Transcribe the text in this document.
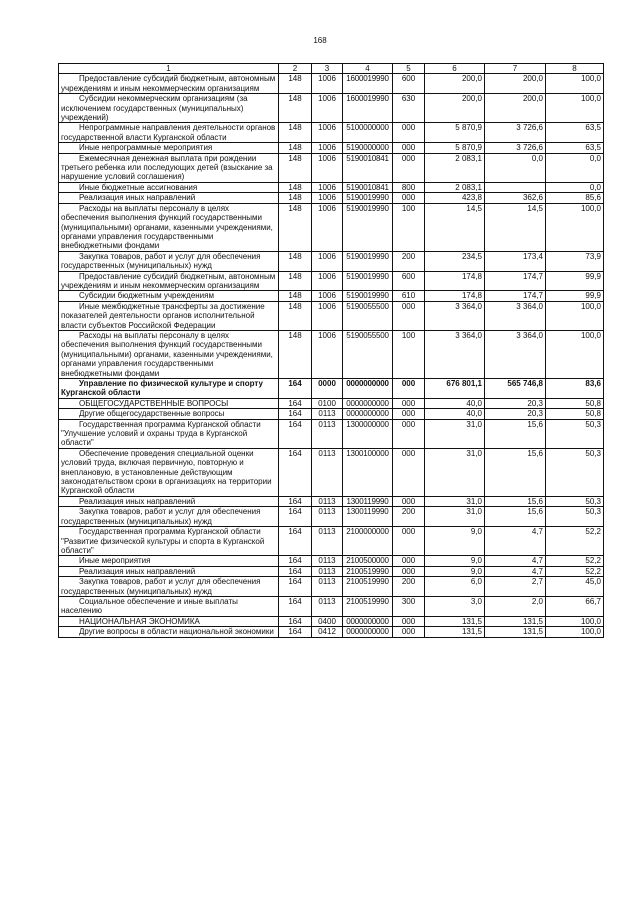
168
1	2	3	4	5	6	7	8
Предоставление субсидий бюджетным, автономным учреждениям и иным некоммерческим организациям	148	1006	1600019990	600	200,0	200,0	100,0
Субсидии некоммерческим организациям (за исключением государственных (муниципальных) учреждений)	148	1006	1600019990	630	200,0	200,0	100,0
Непрограммные направления деятельности органов государственной власти Курганской области	148	1006	5100000000	000	5 870,9	3 726,6	63,5
Иные непрограммные мероприятия	148	1006	5190000000	000	5 870,9	3 726,6	63,5
Ежемесячная денежная выплата при рождении третьего ребенка или последующих детей (взыскание за нарушение условий соглашения)	148	1006	5190010841	000	2 083,1	0,0	0,0
Иные бюджетные ассигнования	148	1006	5190010841	800	2 083,1		0,0
Реализация иных направлений	148	1006	5190019990	000	423,8	362,6	85,6
Расходы на выплаты персоналу в целях обеспечения выполнения функций государственными (муниципальными) органами, казенными учреждениями, органами управления государственными внебюджетными фондами	148	1006	5190019990	100	14,5	14,5	100,0
Закупка товаров, работ и услуг для обеспечения государственных (муниципальных) нужд	148	1006	5190019990	200	234,5	173,4	73,9
Предоставление субсидий бюджетным, автономным учреждениям и иным некоммерческим организациям	148	1006	5190019990	600	174,8	174,7	99,9
Субсидии бюджетным учреждениям	148	1006	5190019990	610	174,8	174,7	99,9
Иные межбюджетные трансферты за достижение показателей деятельности органов исполнительной власти субъектов Российской Федерации	148	1006	5190055500	000	3 364,0	3 364,0	100,0
Расходы на выплаты персоналу в целях обеспечения выполнения функций государственными (муниципальными) органами, казенными учреждениями, органами управления государственными внебюджетными фондами	148	1006	5190055500	100	3 364,0	3 364,0	100,0
Управление по физической культуре и спорту Курганской области	164	0000	0000000000	000	676 801,1	565 746,8	83,6
ОБЩЕГОСУДАРСТВЕННЫЕ ВОПРОСЫ	164	0100	0000000000	000	40,0	20,3	50,8
Другие общегосударственные вопросы	164	0113	0000000000	000	40,0	20,3	50,8
Государственная программа Курганской области "Улучшение условий и охраны труда в Курганской области"	164	0113	1300000000	000	31,0	15,6	50,3
Обеспечение проведения специальной оценки условий труда, включая первичную, повторную и внеплановую, в установленные действующим законодательством сроки в организациях на территории Курганской области	164	0113	1300100000	000	31,0	15,6	50,3
Реализация иных направлений	164	0113	1300119990	000	31,0	15,6	50,3
Закупка товаров, работ и услуг для обеспечения государственных (муниципальных) нужд	164	0113	1300119990	200	31,0	15,6	50,3
Государственная программа Курганской области "Развитие физической культуры и спорта в Курганской области"	164	0113	2100000000	000	9,0	4,7	52,2
Иные мероприятия	164	0113	2100500000	000	9,0	4,7	52,2
Реализация иных направлений	164	0113	2100519990	000	9,0	4,7	52,2
Закупка товаров, работ и услуг для обеспечения государственных (муниципальных) нужд	164	0113	2100519990	200	6,0	2,7	45,0
Социальное обеспечение и иные выплаты населению	164	0113	2100519990	300	3,0	2,0	66,7
НАЦИОНАЛЬНАЯ ЭКОНОМИКА	164	0400	0000000000	000	131,5	131,5	100,0
Другие вопросы в области национальной экономики	164	0412	0000000000	000	131,5	131,5	100,0
